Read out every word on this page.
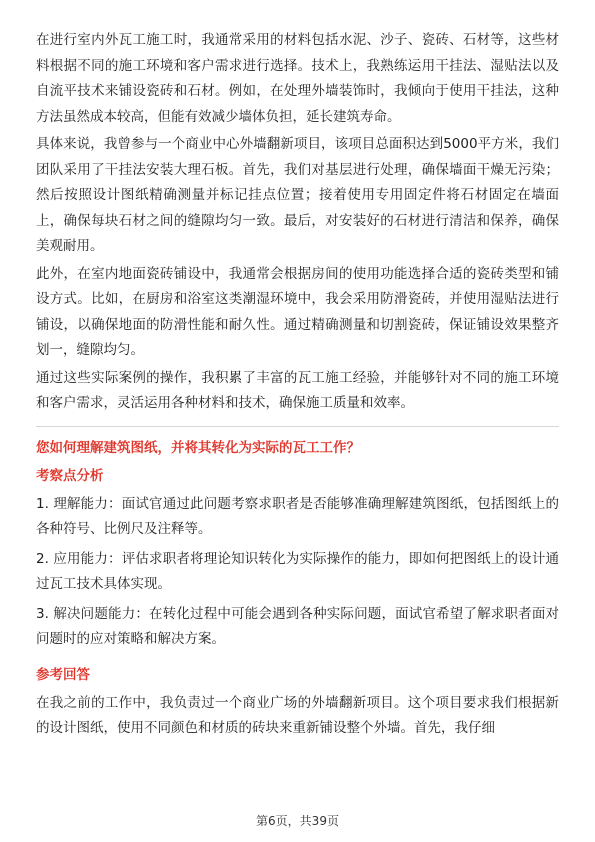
在进行室内外瓦工施工时，我通常采用的材料包括水泥、沙子、瓷砖、石材等，这些材料根据不同的施工环境和客户需求进行选择。技术上，我熟练运用干挂法、湿贴法以及自流平技术来铺设瓷砖和石材。例如，在处理外墙装饰时，我倾向于使用干挂法，这种方法虽然成本较高，但能有效减少墙体负担，延长建筑寿命。

具体来说，我曾参与一个商业中心外墙翻新项目，该项目总面积达到5000平方米，我们团队采用了干挂法安装大理石板。首先，我们对基层进行处理，确保墙面干燥无污染；然后按照设计图纸精确测量并标记挂点位置；接着使用专用固定件将石材固定在墙面上，确保每块石材之间的缝隙均匀一致。最后，对安装好的石材进行清洁和保养，确保美观耐用。

此外，在室内地面瓷砖铺设中，我通常会根据房间的使用功能选择合适的瓷砖类型和铺设方式。比如，在厨房和浴室这类潮湿环境中，我会采用防滑瓷砖，并使用湿贴法进行铺设，以确保地面的防滑性能和耐久性。通过精确测量和切割瓷砖，保证铺设效果整齐划一，缝隙均匀。

通过这些实际案例的操作，我积累了丰富的瓦工施工经验，并能够针对不同的施工环境和客户需求，灵活运用各种材料和技术，确保施工质量和效率。

您如何理解建筑图纸，并将其转化为实际的瓦工工作？
考察点分析

1. 理解能力：面试官通过此问题考察求职者是否能够准确理解建筑图纸，包括图纸上的各种符号、比例尺及注释等。

2. 应用能力：评估求职者将理论知识转化为实际操作的能力，即如何把图纸上的设计通过瓦工技术具体实现。

3. 解决问题能力：在转化过程中可能会遇到各种实际问题，面试官希望了解求职者面对问题时的应对策略和解决方案。

参考回答

在我之前的工作中，我负责过一个商业广场的外墙翻新项目。这个项目要求我们根据新的设计图纸，使用不同颜色和材质的砖块来重新铺设整个外墙。首先，我仔细

第6页，共39页
